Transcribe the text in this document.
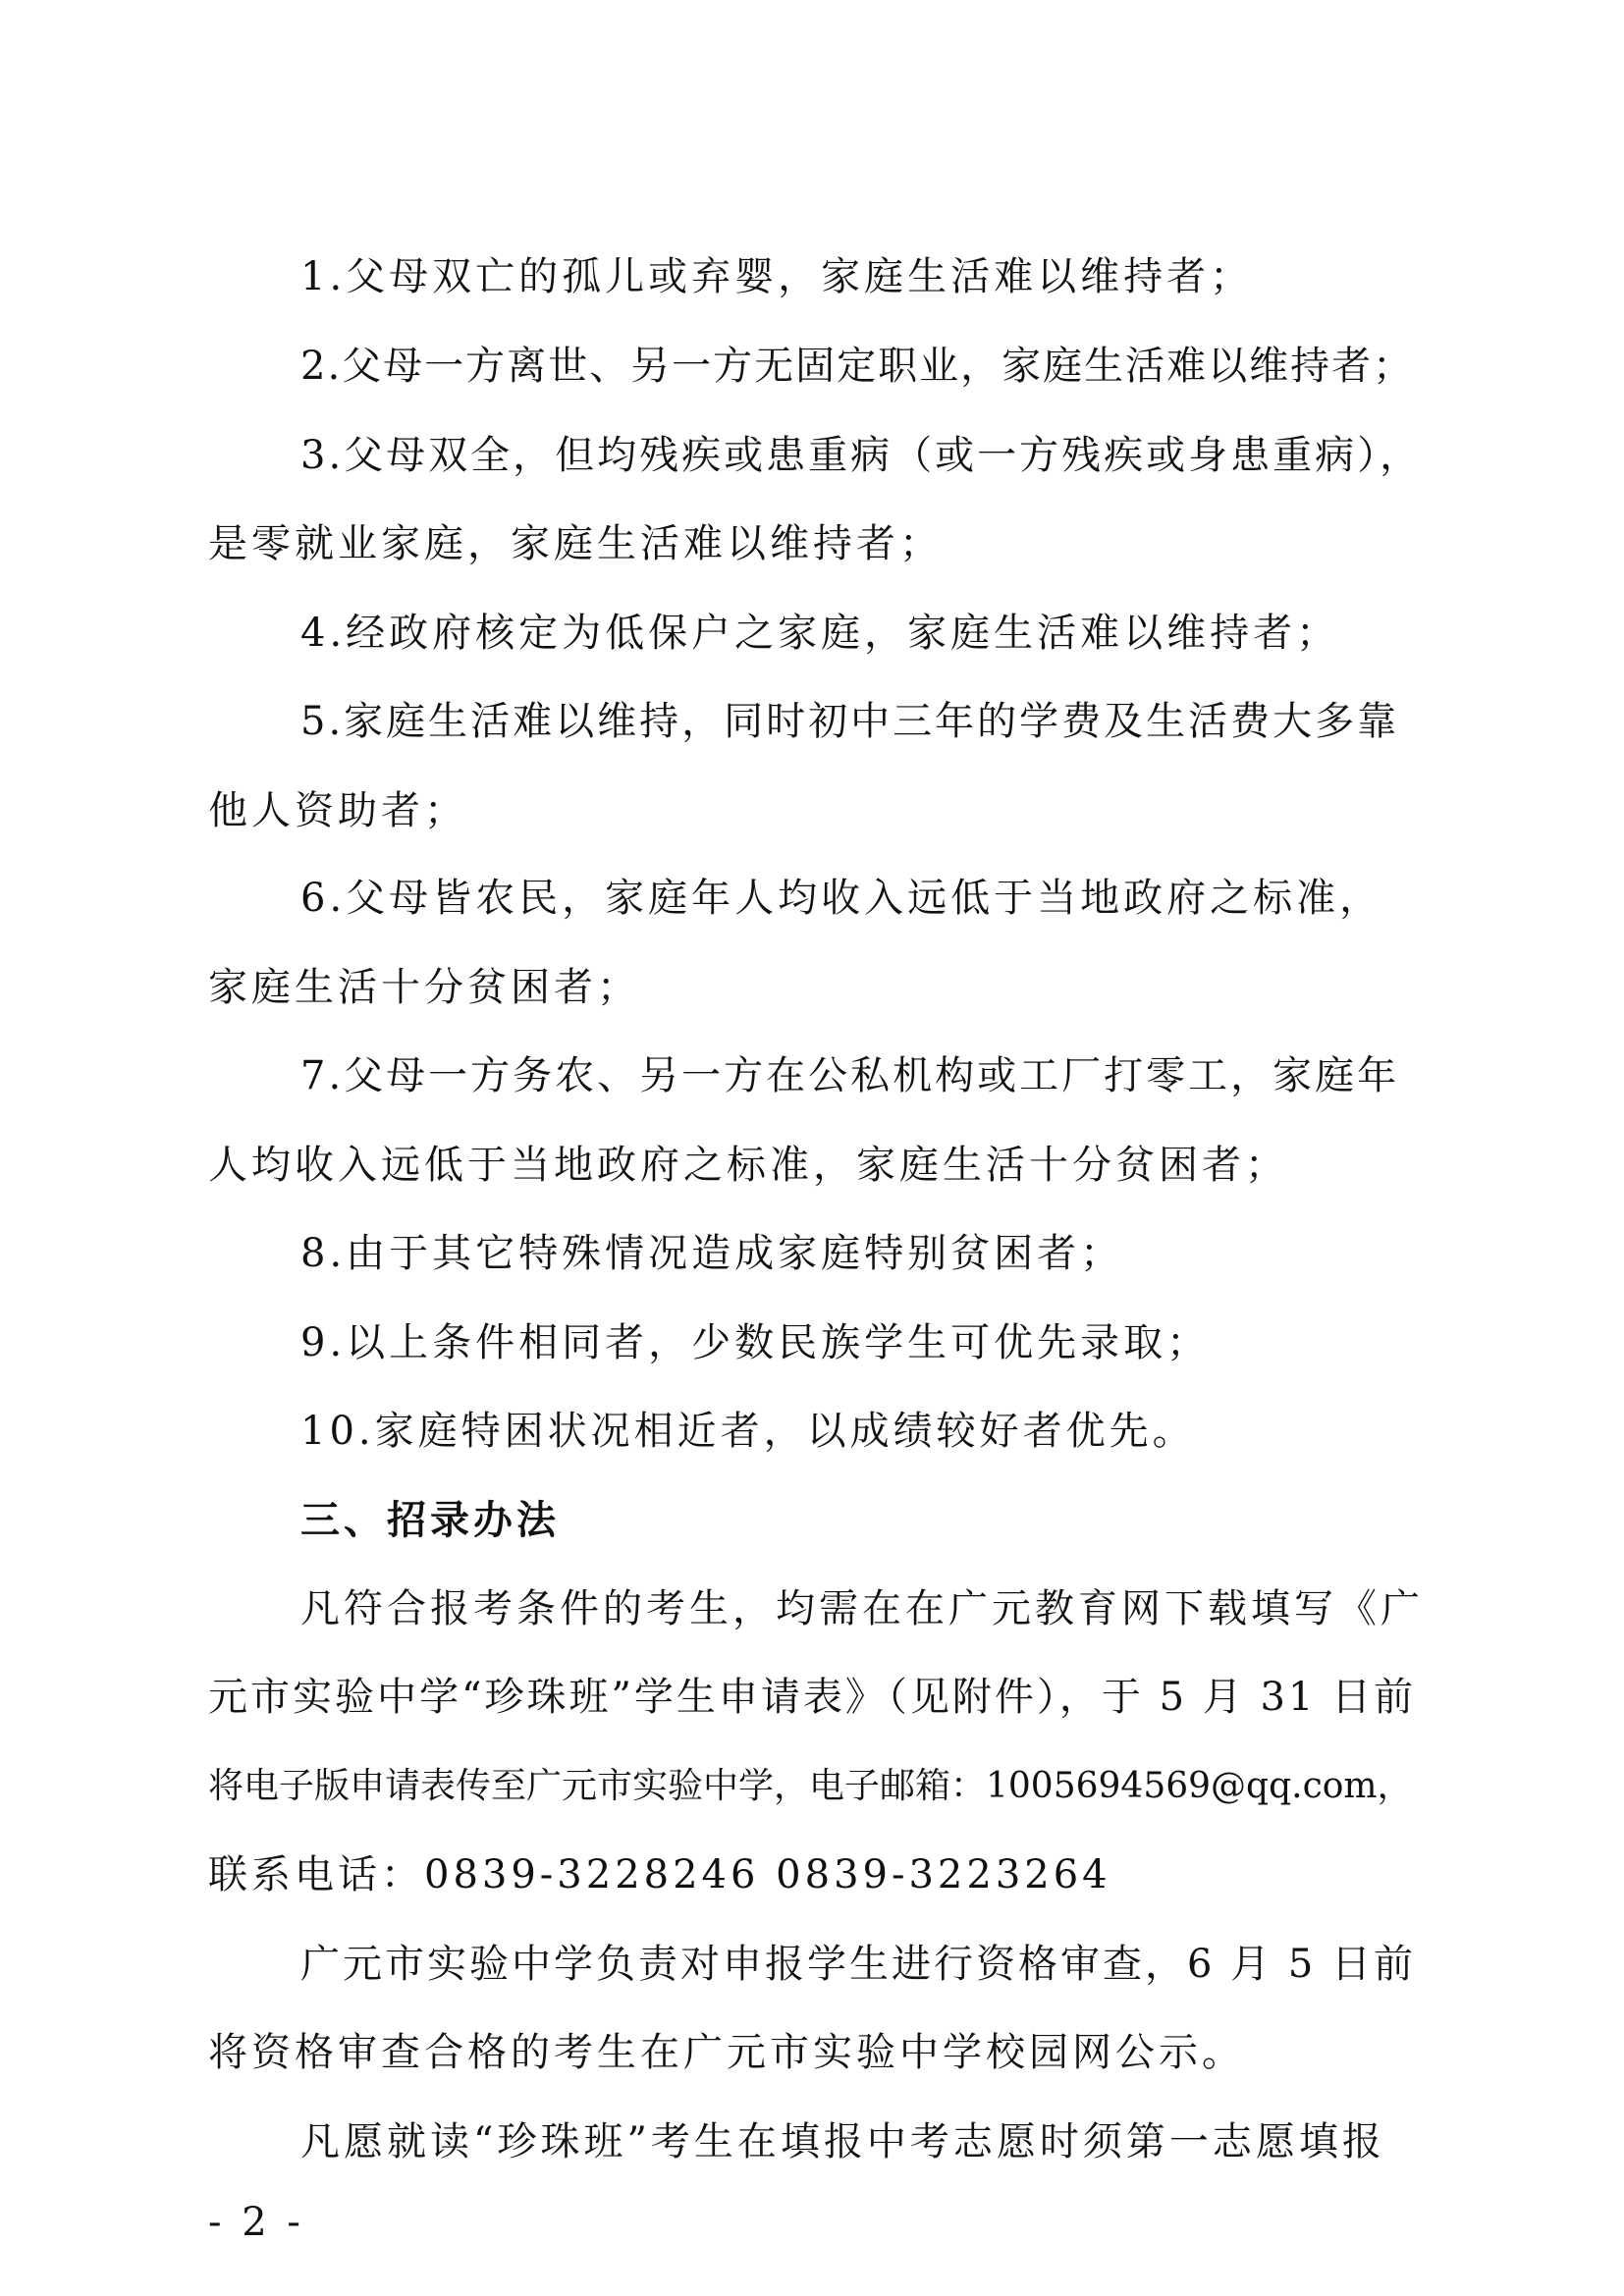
1.父母双亡的孤儿或弃婴，家庭生活难以维持者；
2.父母一方离世、另一方无固定职业，家庭生活难以维持者；
3.父母双全，但均残疾或患重病（或一方残疾或身患重病），
是零就业家庭，家庭生活难以维持者；
4.经政府核定为低保户之家庭，家庭生活难以维持者；
5.家庭生活难以维持，同时初中三年的学费及生活费大多靠
他人资助者；
6.父母皆农民，家庭年人均收入远低于当地政府之标准，
家庭生活十分贫困者；
7.父母一方务农、另一方在公私机构或工厂打零工，家庭年
人均收入远低于当地政府之标准，家庭生活十分贫困者；
8.由于其它特殊情况造成家庭特别贫困者；
9.以上条件相同者，少数民族学生可优先录取；
10.家庭特困状况相近者，以成绩较好者优先。
三、招录办法
凡符合报考条件的考生，均需在在广元教育网下载填写《广
元市实验中学“珍珠班”学生申请表》（见附件），于 5 月 31 日前
将电子版申请表传至广元市实验中学，电子邮箱：1005694569@qq.com，
联系电话：0839-3228246 0839-3223264
广元市实验中学负责对申报学生进行资格审查，6 月 5 日前
将资格审查合格的考生在广元市实验中学校园网公示。
凡愿就读“珍珠班”考生在填报中考志愿时须第一志愿填报
- 2 -
